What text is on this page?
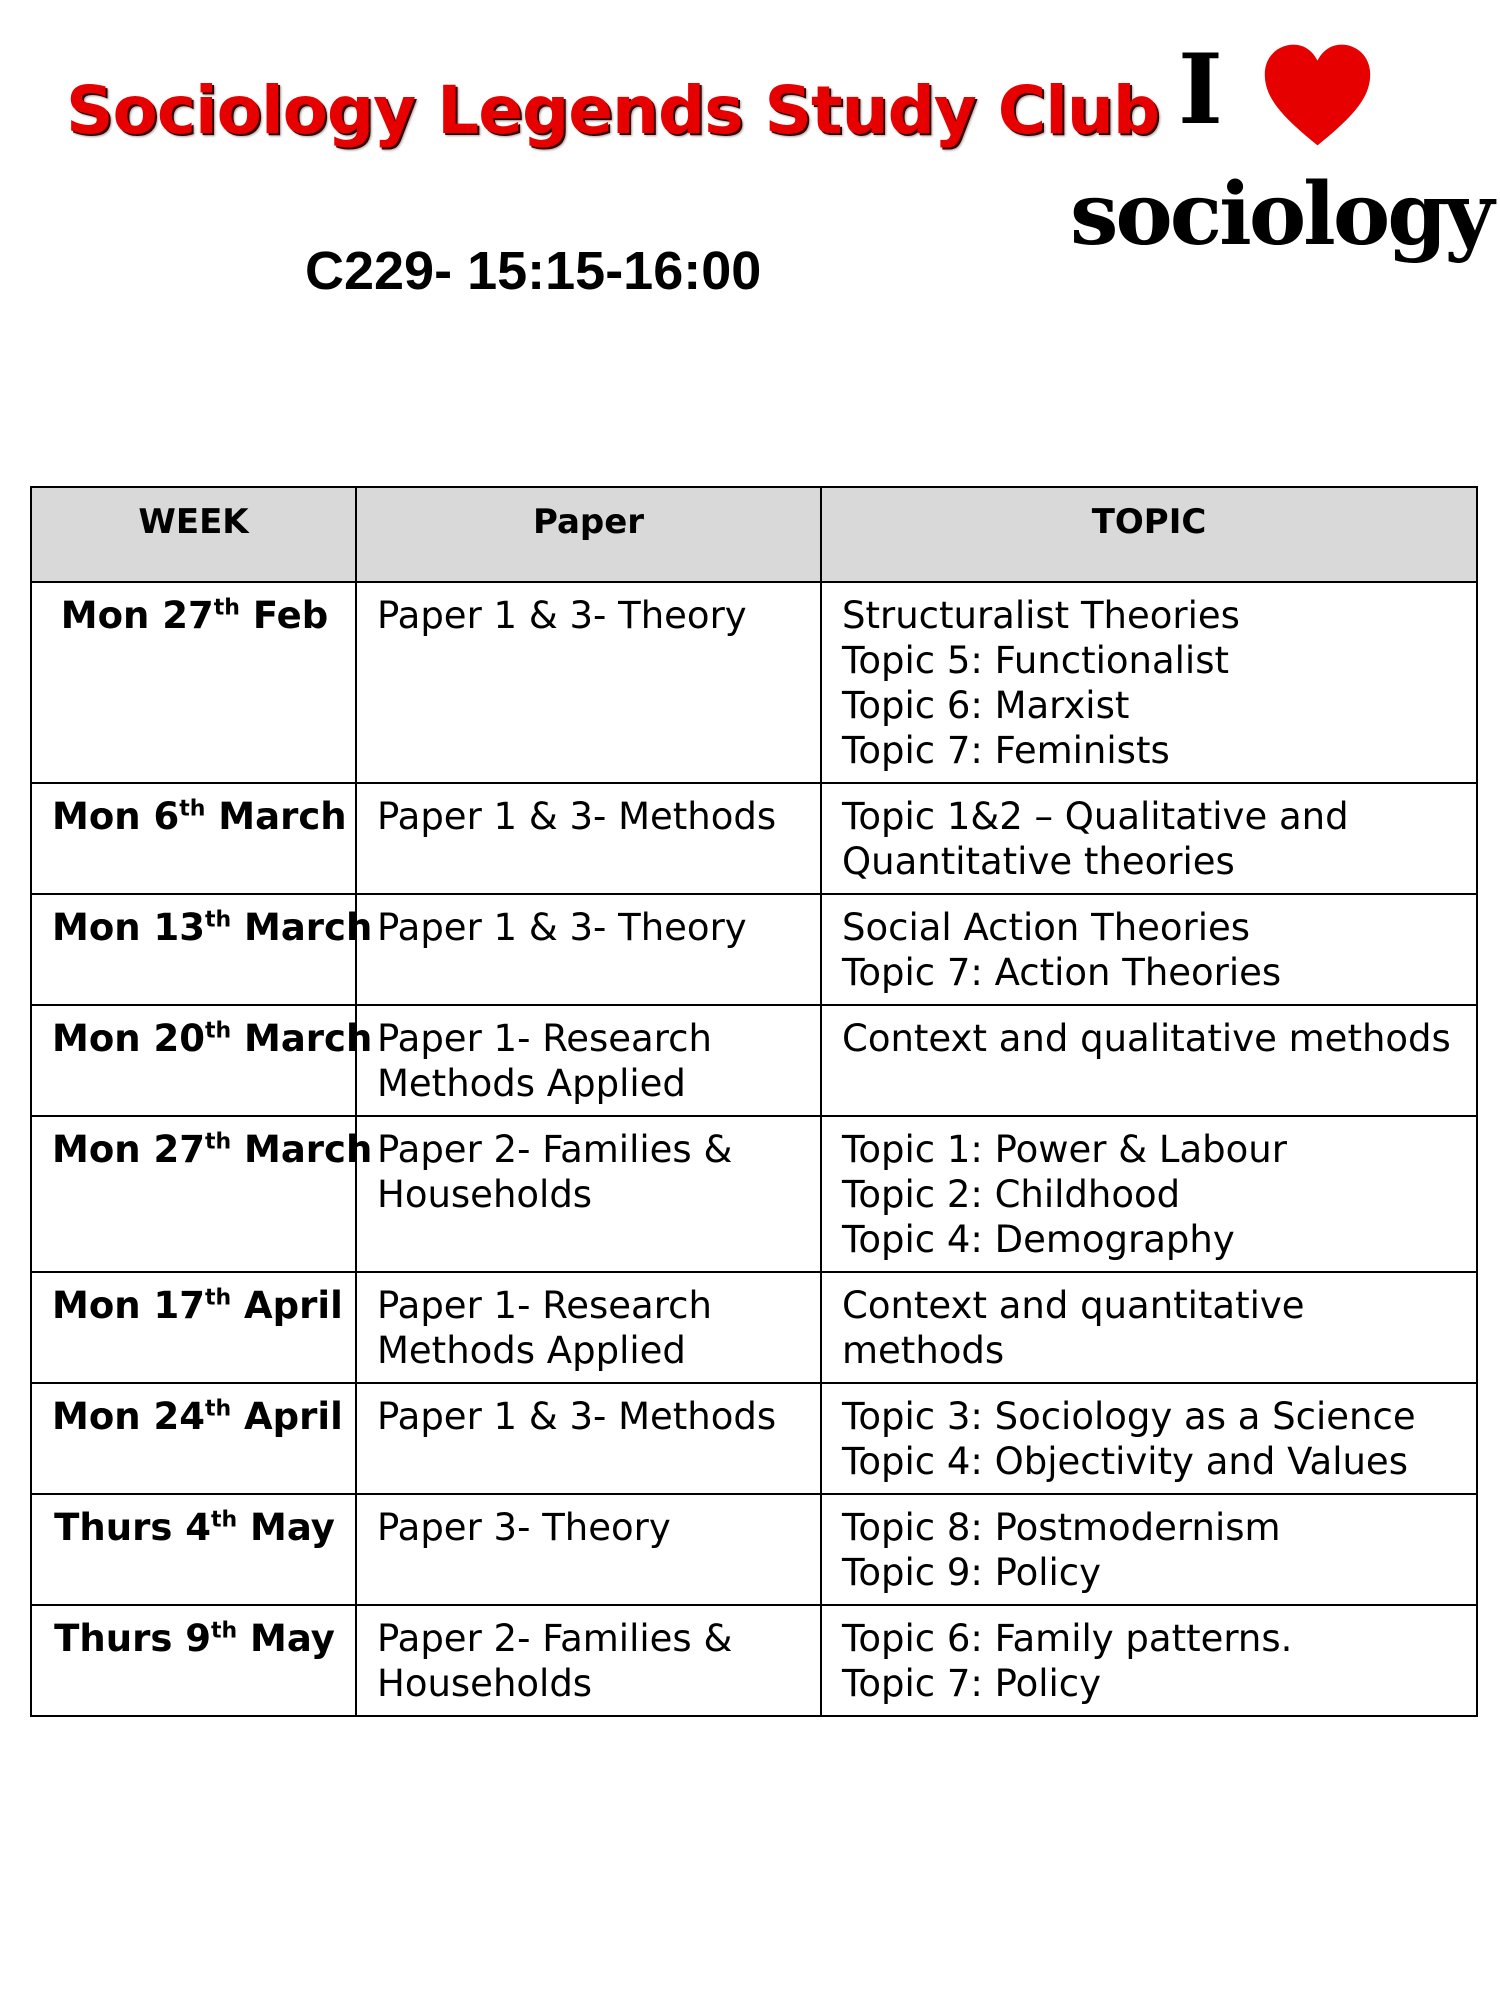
Sociology Legends Study Club
C229- 15:15-16:00
I
sociology
WEEK	Paper	TOPIC
Mon 27th Feb	Paper 1 & 3- Theory	Structuralist Theories
Topic 5: Functionalist
Topic 6: Marxist
Topic 7: Feminists

Mon 6th March	Paper 1 & 3- Methods	Topic 1&2 – Qualitative and
Quantitative theories

Mon 13th March	Paper 1 & 3- Theory	Social Action Theories
Topic 7: Action Theories

Mon 20th March	Paper 1- Research
Methods Applied	Context and qualitative methods

Mon 27th March	Paper 2- Families &
Households	Topic 1: Power & Labour
Topic 2: Childhood
Topic 4: Demography

Mon 17th April	Paper 1- Research
Methods Applied	Context and quantitative
methods

Mon 24th April	Paper 1 & 3- Methods	Topic 3: Sociology as a Science
Topic 4: Objectivity and Values

Thurs 4th May	Paper 3- Theory	Topic 8: Postmodernism
Topic 9: Policy

Thurs 9th May	Paper 2- Families &
Households	Topic 6: Family patterns.
Topic 7: Policy
